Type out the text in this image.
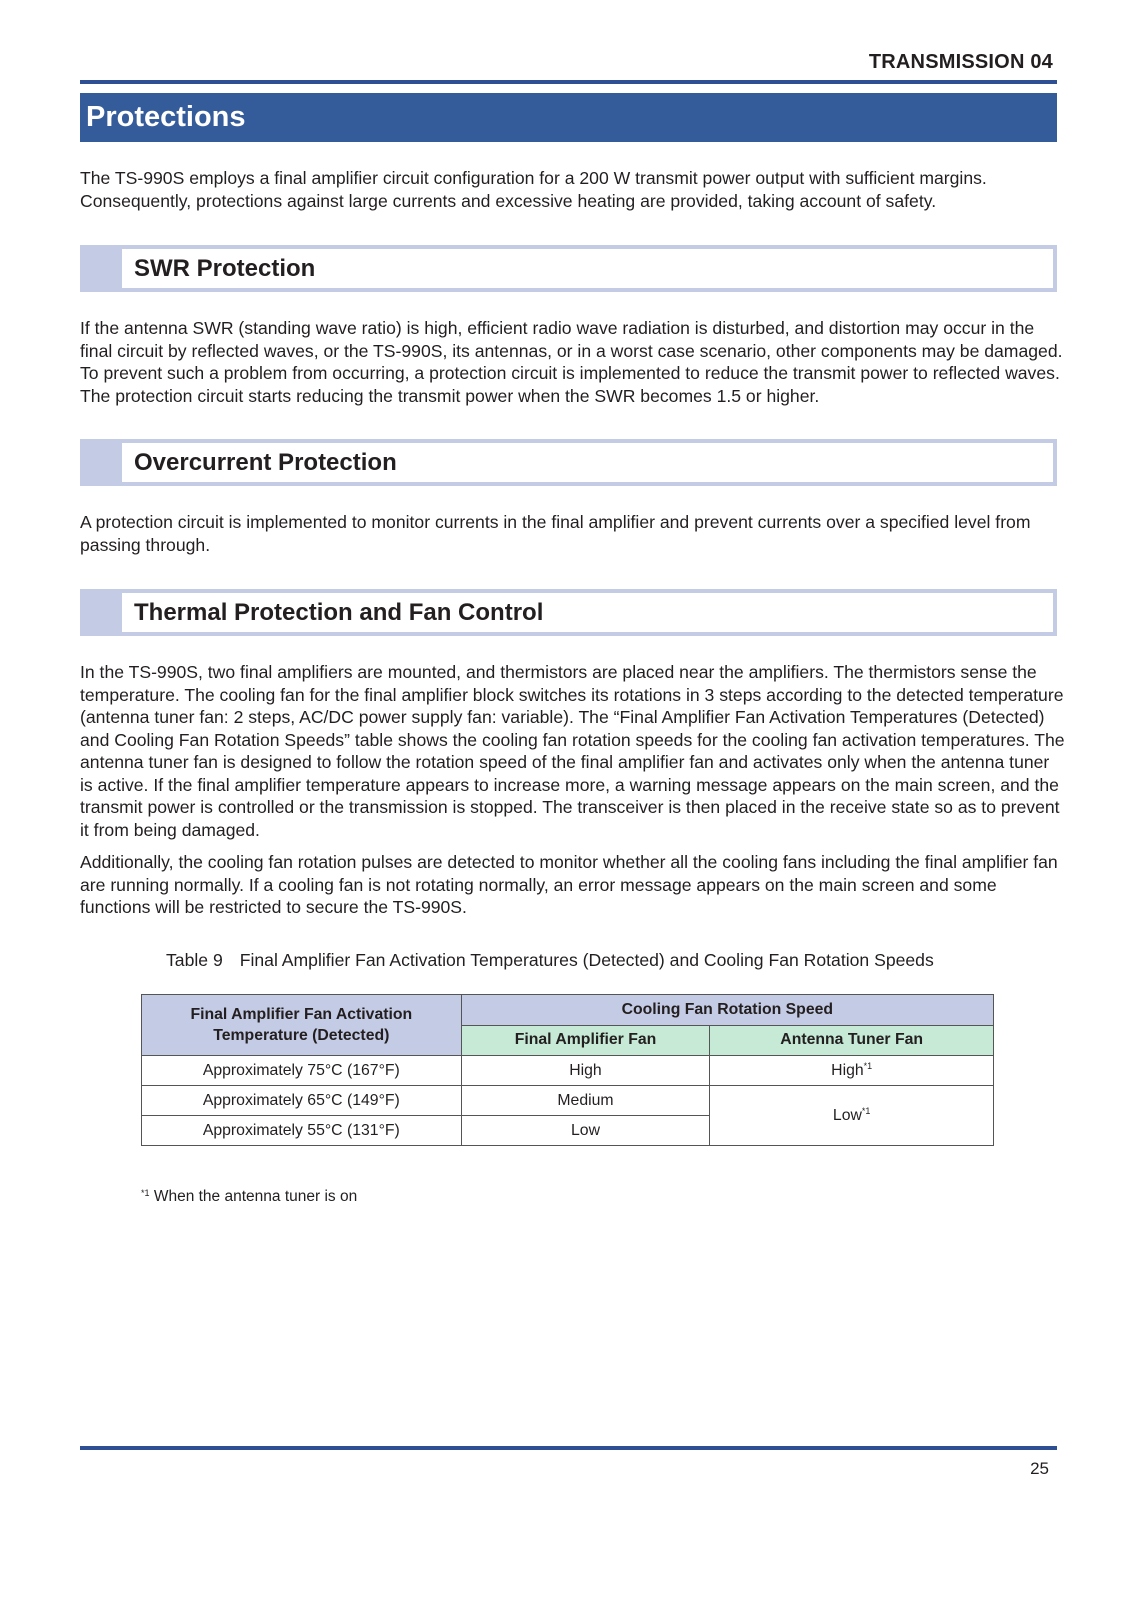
TRANSMISSION 04
Protections

The TS-990S employs a final amplifier circuit configuration for a 200 W transmit power output with sufficient margins. Consequently, protections against large currents and excessive heating are provided, taking account of safety.

SWR Protection

If the antenna SWR (standing wave ratio) is high, efficient radio wave radiation is disturbed, and distortion may occur in the final circuit by reflected waves, or the TS-990S, its antennas, or in a worst case scenario, other components may be damaged. To prevent such a problem from occurring, a protection circuit is implemented to reduce the transmit power to reflected waves. The protection circuit starts reducing the transmit power when the SWR becomes 1.5 or higher.

Overcurrent Protection

A protection circuit is implemented to monitor currents in the final amplifier and prevent currents over a specified level from passing through.

Thermal Protection and Fan Control

In the TS-990S, two final amplifiers are mounted, and thermistors are placed near the amplifiers. The thermistors sense the temperature. The cooling fan for the final amplifier block switches its rotations in 3 steps according to the detected temperature (antenna tuner fan: 2 steps, AC/DC power supply fan: variable). The “Final Amplifier Fan Activation Temperatures (Detected) and Cooling Fan Rotation Speeds” table shows the cooling fan rotation speeds for the cooling fan activation temperatures. The antenna tuner fan is designed to follow the rotation speed of the final amplifier fan and activates only when the antenna tuner is active. If the final amplifier temperature appears to increase more, a warning message appears on the main screen, and the transmit power is controlled or the transmission is stopped. The transceiver is then placed in the receive state so as to prevent it from being damaged.

Additionally, the cooling fan rotation pulses are detected to monitor whether all the cooling fans including the final amplifier fan are running normally. If a cooling fan is not rotating normally, an error message appears on the main screen and some functions will be restricted to secure the TS-990S.

Table 9 Final Amplifier Fan Activation Temperatures (Detected) and Cooling Fan Rotation Speeds
Final Amplifier Fan Activation
Temperature (Detected)	Cooling Fan Rotation Speed	
	Final Amplifier Fan	Antenna Tuner Fan
Approximately 75°C (167°F)	High	High$^{*1}$
Approximately 65°C (149°F)	Medium	Low$^{*1}$
Approximately 55°C (131°F)	Low	
$^{*1}$ When the antenna tuner is on
25
